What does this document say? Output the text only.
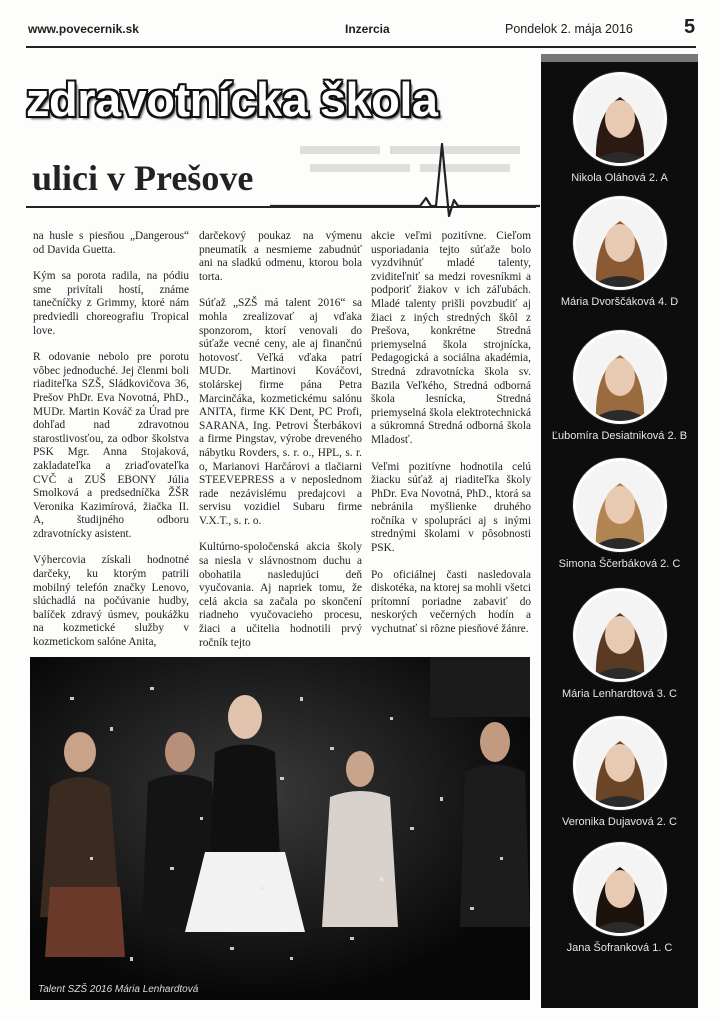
www.povecernik.sk	Inzercia	Pondelok 2. mája 2016	5
zdravotnícka škola
ulici v Prešove

na husle s piesňou „Dangerous“ od Davida Guetta.

Kým sa porota radila, na pódiu sme privítali hostí, známe tanečníčky z Grimmy, ktoré nám predviedli choreografiu Tropical love.

R odovanie nebolo pre porotu vôbec jednoduché. Jej členmi boli riaditeľka SZŠ, Sládkovičova 36, Prešov PhDr. Eva Novotná, PhD., MUDr. Martin Kováč za Úrad pre dohľad nad zdravotnou starostlivosťou, za odbor školstva PSK Mgr. Anna Stojaková, zakladateľka a zriaďovateľka CVČ a ZUŠ EBONY Júlia Smolková a predsedníčka ŽŠR Veronika Kazimírová, žiačka II. A, študijného odboru zdravotnícky asistent.

Výhercovia získali hodnotné darčeky, ku ktorým patrili mobilný telefón značky Lenovo, slúchadlá na počúvanie hudby, balíček zdravý úsmev, poukážku na kozmetické služby v kozmetickom salóne Anita,

darčekový poukaz na výmenu pneumatík a nesmieme zabudnúť ani na sladkú odmenu, ktorou bola torta.

Súťaž „SZŠ má talent 2016“ sa mohla zrealizovať aj vďaka sponzorom, ktorí venovali do súťaže vecné ceny, ale aj finančnú hotovosť. Veľká vďaka patrí MUDr. Martinovi Kováčovi, stolárskej firme pána Petra Marcinčáka, kozmetickému salónu ANITA, firme KK Dent, PC Profi, SARANA, Ing. Petrovi Šterbákovi a firme Pingstav, výrobe dreveného nábytku Rovders, s. r. o., HPL, s. r. o, Marianovi Harčárovi a tlačiarni STEEVEPRESS a v neposlednom rade nezávislému predajcovi a servisu vozidiel Subaru firme V.X.T., s. r. o.

Kultúrno-spoločenská akcia školy sa niesla v slávnostnom duchu a obohatila nasledujúci deň vyučovania. Aj napriek tomu, že celá akcia sa začala po skončení riadneho vyučovacieho procesu, žiaci a učitelia hodnotili prvý ročník tejto

akcie veľmi pozitívne. Cieľom usporiadania tejto súťaže bolo vyzdvihnúť mladé talenty, zviditeľniť sa medzi rovesníkmi a podporiť žiakov v ich záľubách. Mladé talenty prišli povzbudiť aj žiaci z iných stredných škôl z Prešova, konkrétne Stredná priemyselná škola strojnícka, Pedagogická a sociálna akadémia, Stredná zdravotnícka škola sv. Bazila Veľkého, Stredná odborná škola lesnícka, Stredná priemyselná škola elektrotechnická a súkromná Stredná odborná škola Mladosť.

Veľmi pozitívne hodnotila celú žiacku súťaž aj riaditeľka školy PhDr. Eva Novotná, PhD., ktorá sa nebránila myšlienke druhého ročníka v spolupráci aj s inými strednými školami v pôsobnosti PSK.

Po oficiálnej časti nasledovala diskotéka, na ktorej sa mohli všetci prítomní poriadne zabaviť do neskorých večerných hodín a vychutnať si rôzne piesňové žánre.

Talent SZŠ 2016 Mária Lenhardtová
Nikola Oláhová 2. A
Mária Dvorščáková 4. D
Ľubomíra Desiatniková 2. B
Simona Ščerbáková 2. C
Mária Lenhardtová 3. C
Veronika Dujavová 2. C
Jana Šofranková 1. C
